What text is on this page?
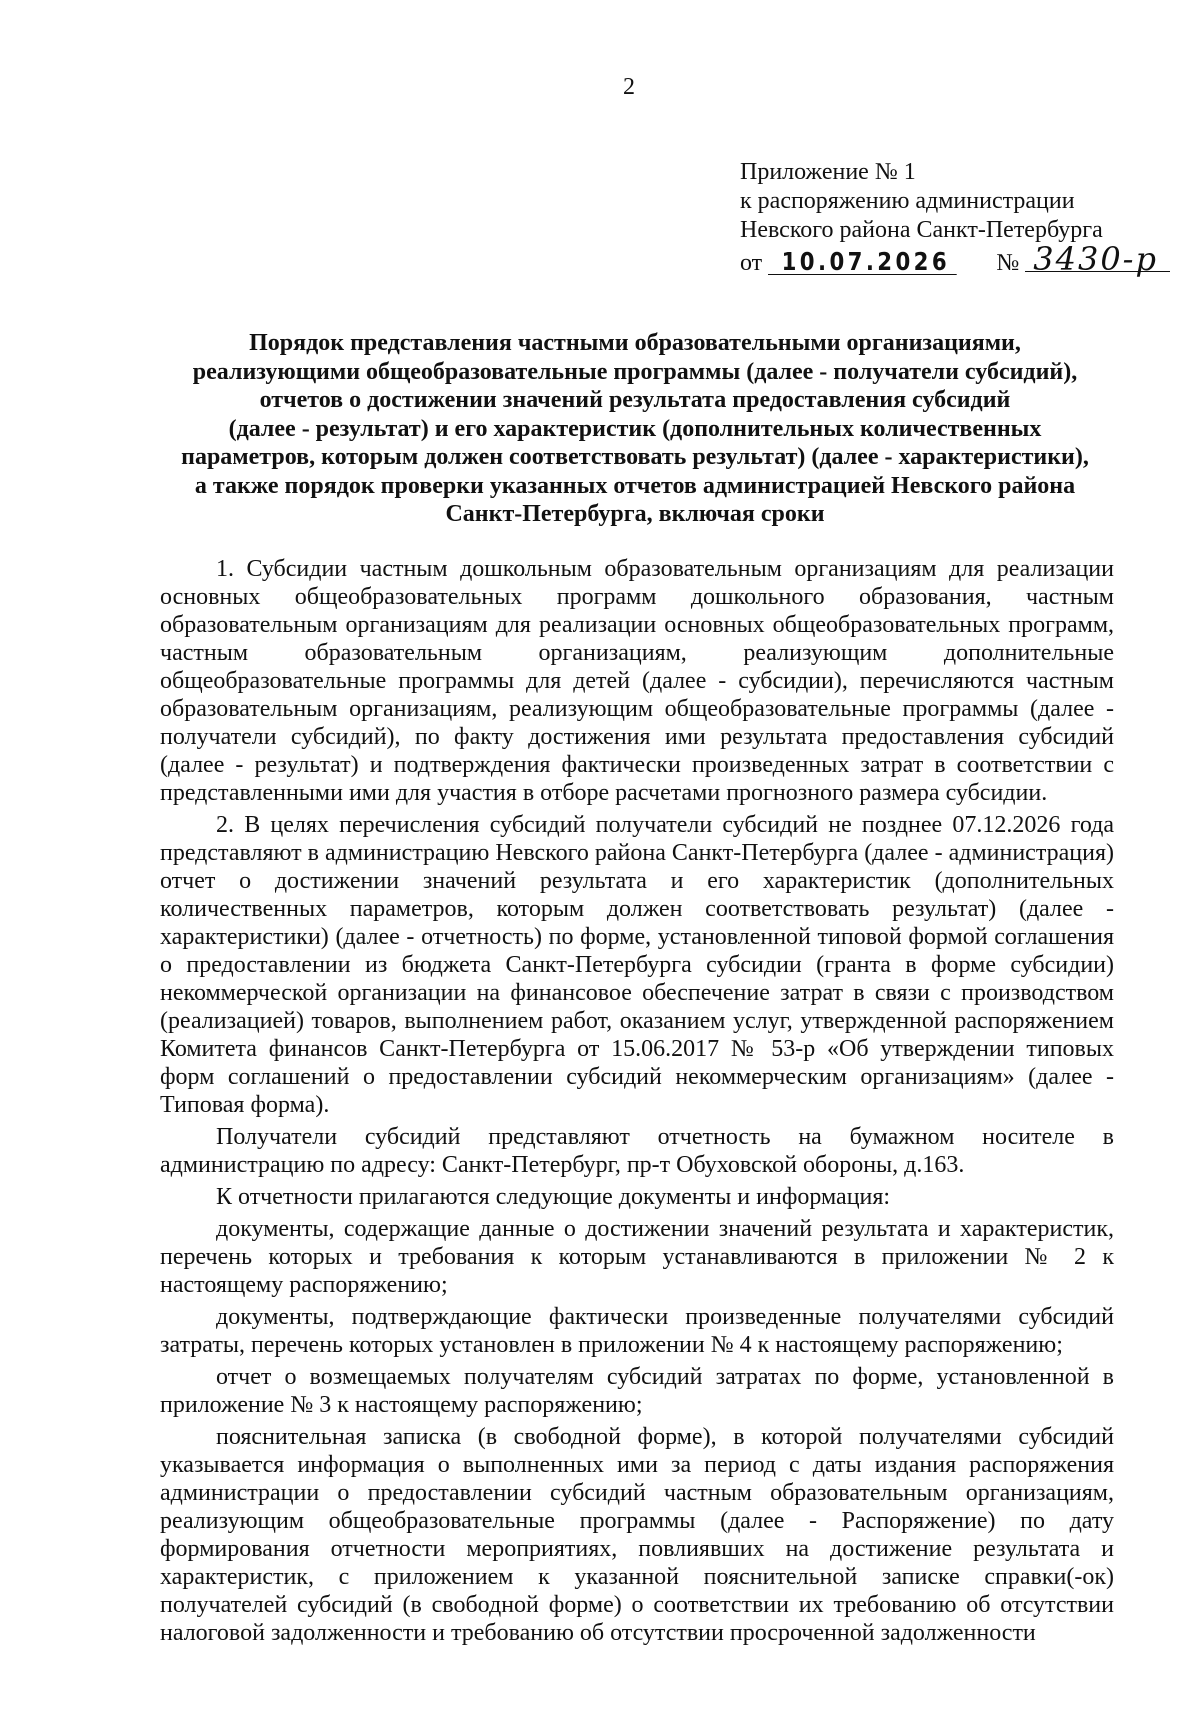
2
Приложение № 1
к распоряжению администрации
Невского района Санкт-Петербурга
от 10.07.2026 № 3430-р
Порядок представления частными образовательными организациями,
реализующими общеобразовательные программы (далее - получатели субсидий),
отчетов о достижении значений результата предоставления субсидий
(далее - результат) и его характеристик (дополнительных количественных
параметров, которым должен соответствовать результат) (далее - характеристики),
а также порядок проверки указанных отчетов администрацией Невского района
Санкт-Петербурга, включая сроки

1. Субсидии частным дошкольным образовательным организациям для реализации основных общеобразовательных программ дошкольного образования, частным образовательным организациям для реализации основных общеобразовательных программ, частным образовательным организациям, реализующим дополнительные общеобразовательные программы для детей (далее - субсидии), перечисляются частным образовательным организациям, реализующим общеобразовательные программы (далее - получатели субсидий), по факту достижения ими результата предоставления субсидий (далее - результат) и подтверждения фактически произведенных затрат в соответствии с представленными ими для участия в отборе расчетами прогнозного размера субсидии.

2. В целях перечисления субсидий получатели субсидий не позднее 07.12.2026 года представляют в администрацию Невского района Санкт-Петербурга (далее - администрация) отчет о достижении значений результата и его характеристик (дополнительных количественных параметров, которым должен соответствовать результат) (далее - характеристики) (далее - отчетность) по форме, установленной типовой формой соглашения о предоставлении из бюджета Санкт-Петербурга субсидии (гранта в форме субсидии) некоммерческой организации на финансовое обеспечение затрат в связи с производством (реализацией) товаров, выполнением работ, оказанием услуг, утвержденной распоряжением Комитета финансов Санкт-Петербурга от 15.06.2017 № 53-р «Об утверждении типовых форм соглашений о предоставлении субсидий некоммерческим организациям» (далее - Типовая форма).

Получатели субсидий представляют отчетность на бумажном носителе в администрацию по адресу: Санкт-Петербург, пр-т Обуховской обороны, д.163.

К отчетности прилагаются следующие документы и информация:

документы, содержащие данные о достижении значений результата и характеристик, перечень которых и требования к которым устанавливаются в приложении № 2 к настоящему распоряжению;

документы, подтверждающие фактически произведенные получателями субсидий затраты, перечень которых установлен в приложении № 4 к настоящему распоряжению;

отчет о возмещаемых получателям субсидий затратах по форме, установленной в приложение № 3 к настоящему распоряжению;

пояснительная записка (в свободной форме), в которой получателями субсидий указывается информация о выполненных ими за период с даты издания распоряжения администрации о предоставлении субсидий частным образовательным организациям, реализующим общеобразовательные программы (далее - Распоряжение) по дату формирования отчетности мероприятиях, повлиявших на достижение результата и характеристик, с приложением к указанной пояснительной записке справки(-ок) получателей субсидий (в свободной форме) о соответствии их требованию об отсутствии налоговой задолженности и требованию об отсутствии просроченной задолженности
